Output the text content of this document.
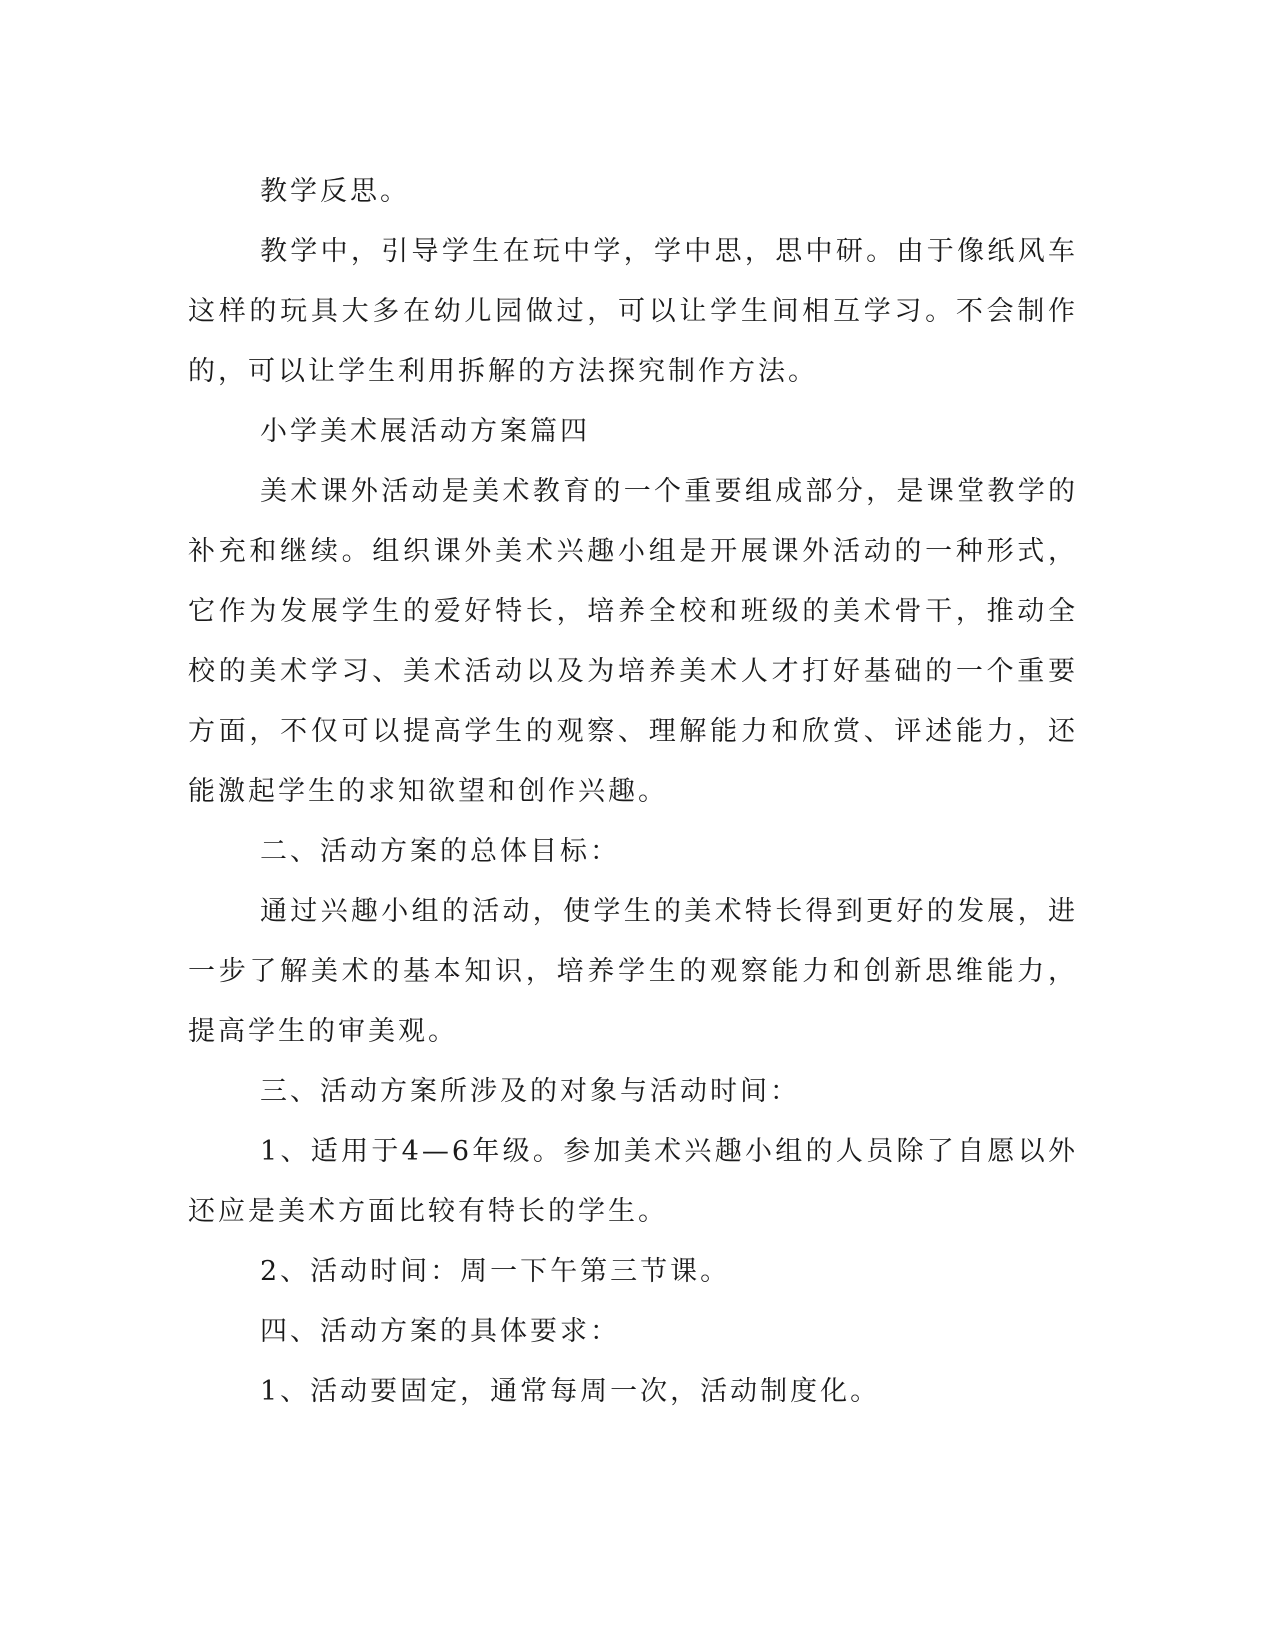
教学反思。

教学中，引导学生在玩中学，学中思，思中研。由于像纸风车这样的玩具大多在幼儿园做过，可以让学生间相互学习。不会制作的，可以让学生利用拆解的方法探究制作方法。

小学美术展活动方案篇四

美术课外活动是美术教育的一个重要组成部分，是课堂教学的补充和继续。组织课外美术兴趣小组是开展课外活动的一种形式，它作为发展学生的爱好特长，培养全校和班级的美术骨干，推动全校的美术学习、美术活动以及为培养美术人才打好基础的一个重要方面，不仅可以提高学生的观察、理解能力和欣赏、评述能力，还能激起学生的求知欲望和创作兴趣。

二、活动方案的总体目标：

通过兴趣小组的活动，使学生的美术特长得到更好的发展，进一步了解美术的基本知识，培养学生的观察能力和创新思维能力，提高学生的审美观。

三、活动方案所涉及的对象与活动时间：

1、适用于4—6年级。参加美术兴趣小组的人员除了自愿以外还应是美术方面比较有特长的学生。

2、活动时间：周一下午第三节课。

四、活动方案的具体要求：

1、活动要固定，通常每周一次，活动制度化。
